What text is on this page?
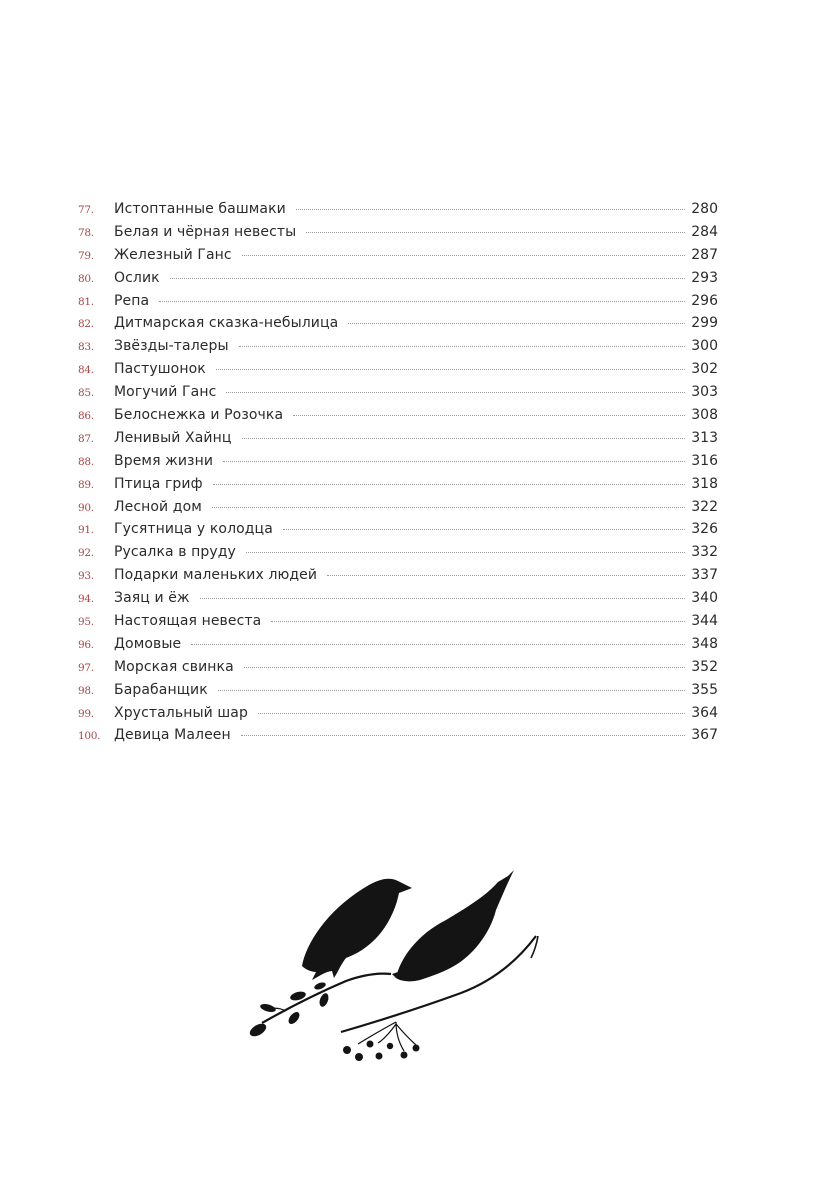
77.	Истоптанные башмаки	280
78.	Белая и чёрная невесты	284
79.	Железный Ганс	287
80.	Ослик	293
81.	Репа	296
82.	Дитмарская сказка-небылица	299
83.	Звёзды-талеры	300
84.	Пастушонок	302
85.	Могучий Ганс	303
86.	Белоснежка и Розочка	308
87.	Ленивый Хайнц	313
88.	Время жизни	316
89.	Птица гриф	318
90.	Лесной дом	322
91.	Гусятница у колодца	326
92.	Русалка в пруду	332
93.	Подарки маленьких людей	337
94.	Заяц и ёж	340
95.	Настоящая невеста	344
96.	Домовые	348
97.	Морская свинка	352
98.	Барабанщик	355
99.	Хрустальный шар	364
100. Девица Малеен	367
